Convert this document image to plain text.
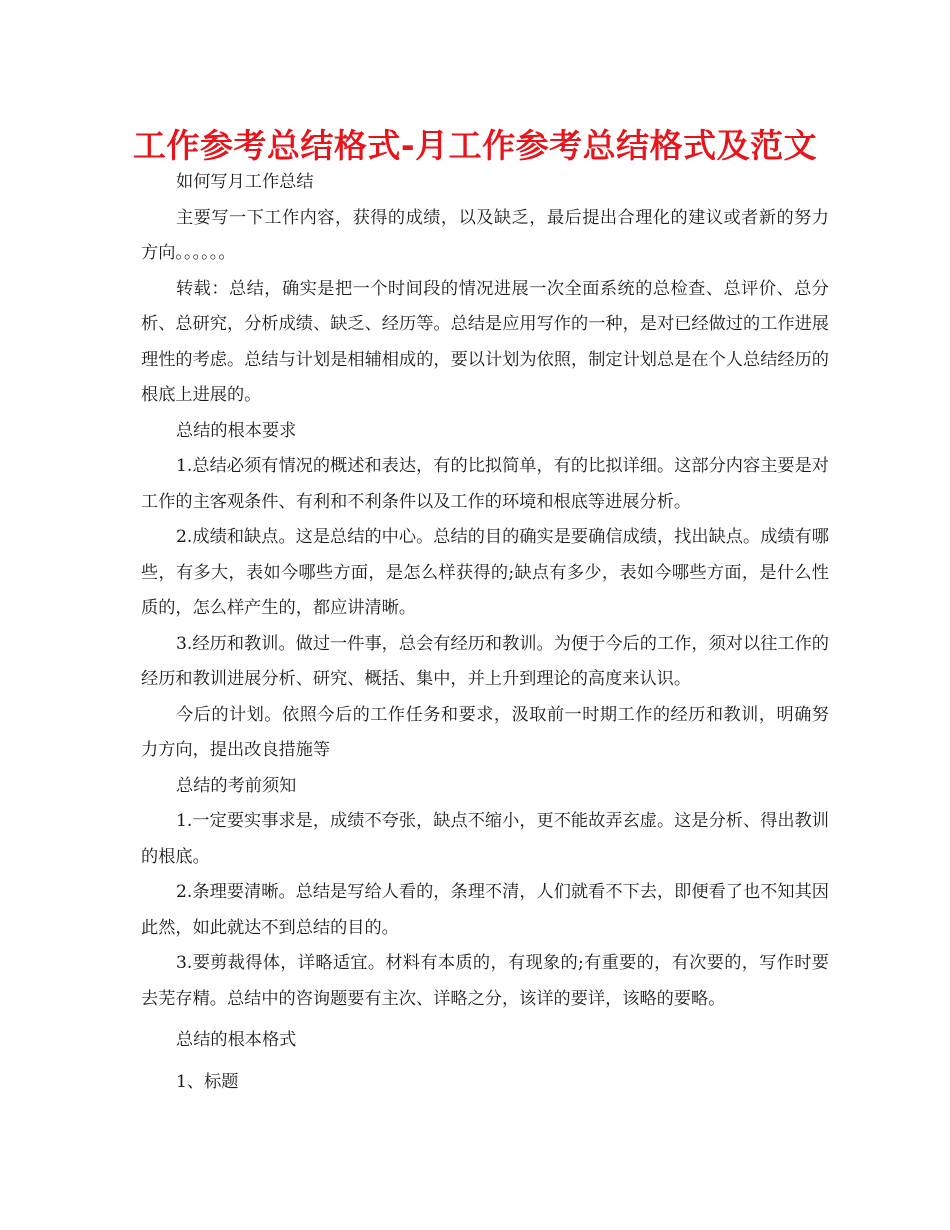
工作参考总结格式-月工作参考总结格式及范文

如何写月工作总结

主要写一下工作内容，获得的成绩，以及缺乏，最后提出合理化的建议或者新的努力方向。。。。。。

转载：总结，确实是把一个时间段的情况进展一次全面系统的总检查、总评价、总分析、总研究，分析成绩、缺乏、经历等。总结是应用写作的一种，是对已经做过的工作进展理性的考虑。总结与计划是相辅相成的，要以计划为依照，制定计划总是在个人总结经历的根底上进展的。

总结的根本要求

1.总结必须有情况的概述和表达，有的比拟简单，有的比拟详细。这部分内容主要是对工作的主客观条件、有利和不利条件以及工作的环境和根底等进展分析。

2.成绩和缺点。这是总结的中心。总结的目的确实是要确信成绩，找出缺点。成绩有哪些，有多大，表如今哪些方面，是怎么样获得的;缺点有多少，表如今哪些方面，是什么性质的，怎么样产生的，都应讲清晰。

3.经历和教训。做过一件事，总会有经历和教训。为便于今后的工作，须对以往工作的经历和教训进展分析、研究、概括、集中，并上升到理论的高度来认识。

今后的计划。依照今后的工作任务和要求，汲取前一时期工作的经历和教训，明确努力方向，提出改良措施等

总结的考前须知

1.一定要实事求是，成绩不夸张，缺点不缩小，更不能故弄玄虚。这是分析、得出教训的根底。

2.条理要清晰。总结是写给人看的，条理不清，人们就看不下去，即便看了也不知其因此然，如此就达不到总结的目的。

3.要剪裁得体，详略适宜。材料有本质的，有现象的;有重要的，有次要的，写作时要去芜存精。总结中的咨询题要有主次、详略之分，该详的要详，该略的要略。

总结的根本格式

1、标题
